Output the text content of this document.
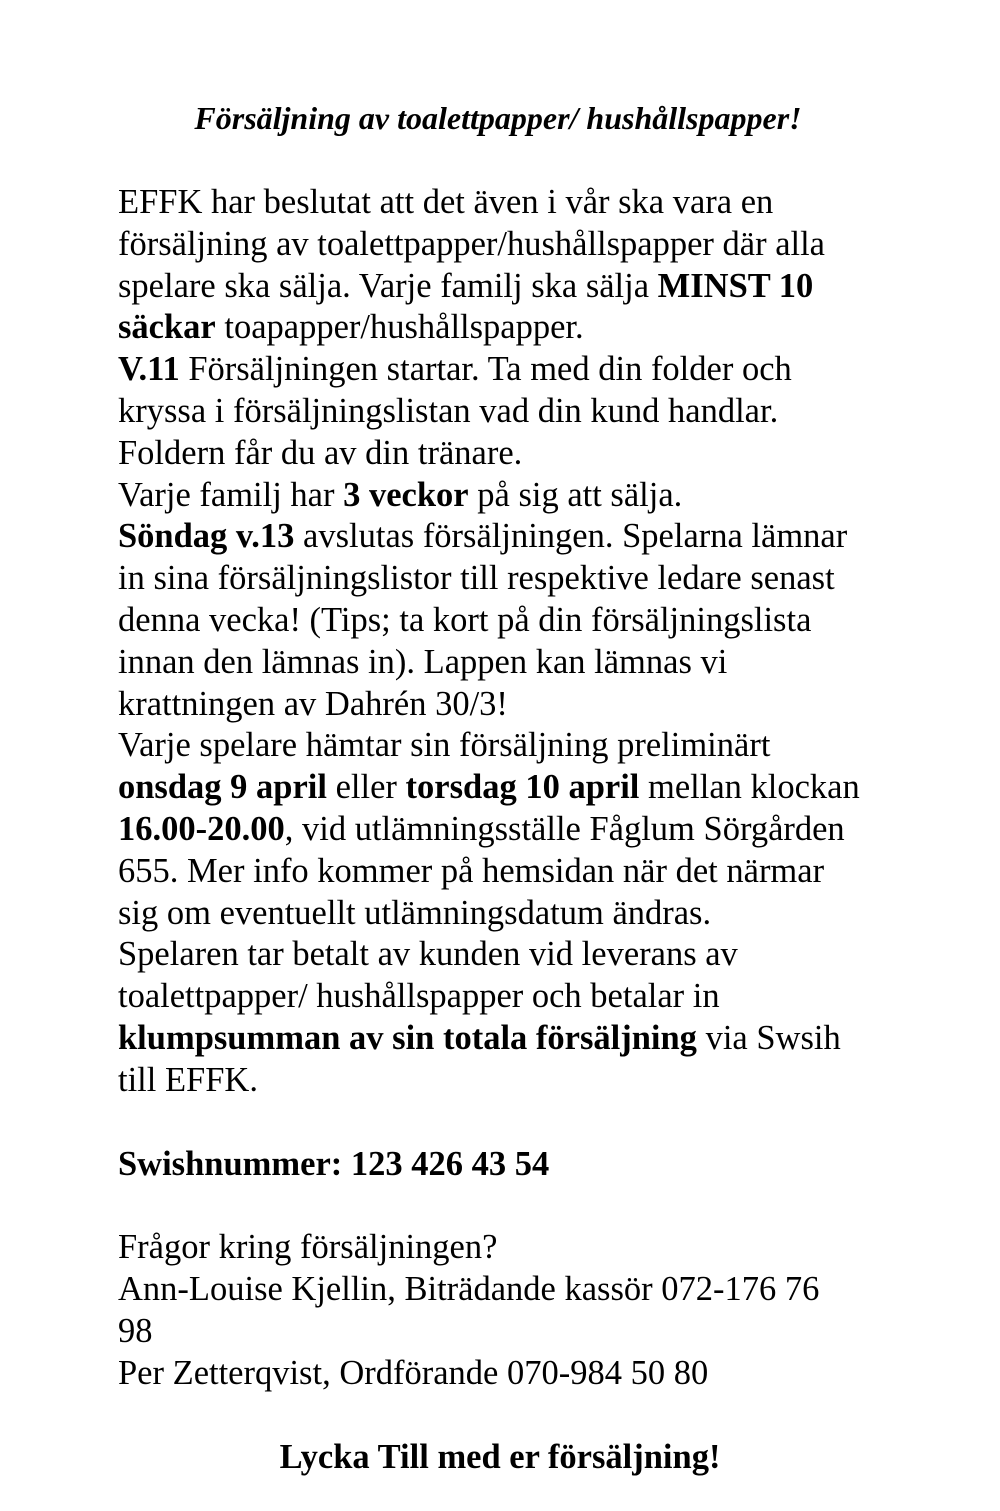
Försäljning av toalettpapper/ hushållspapper!
EFFK har beslutat att det även i vår ska vara en
försäljning av toalettpapper/hushållspapper där alla
spelare ska sälja. Varje familj ska sälja MINST 10
säckar toapapper/hushållspapper.
V.11 Försäljningen startar. Ta med din folder och
kryssa i försäljningslistan vad din kund handlar.
Foldern får du av din tränare.
Varje familj har 3 veckor på sig att sälja.
Söndag v.13 avslutas försäljningen. Spelarna lämnar
in sina försäljningslistor till respektive ledare senast
denna vecka! (Tips; ta kort på din försäljningslista
innan den lämnas in). Lappen kan lämnas vi
krattningen av Dahrén 30/3!
Varje spelare hämtar sin försäljning preliminärt
onsdag 9 april eller torsdag 10 april mellan klockan
16.00-20.00, vid utlämningsställe Fåglum Sörgården
655. Mer info kommer på hemsidan när det närmar
sig om eventuellt utlämningsdatum ändras.
Spelaren tar betalt av kunden vid leverans av
toalettpapper/ hushållspapper och betalar in
klumpsumman av sin totala försäljning via Swsih
till EFFK.
Swishnummer: 123 426 43 54
Frågor kring försäljningen?
Ann-Louise Kjellin, Biträdande kassör 072-176 76
98
Per Zetterqvist, Ordförande 070-984 50 80
Lycka Till med er försäljning!
